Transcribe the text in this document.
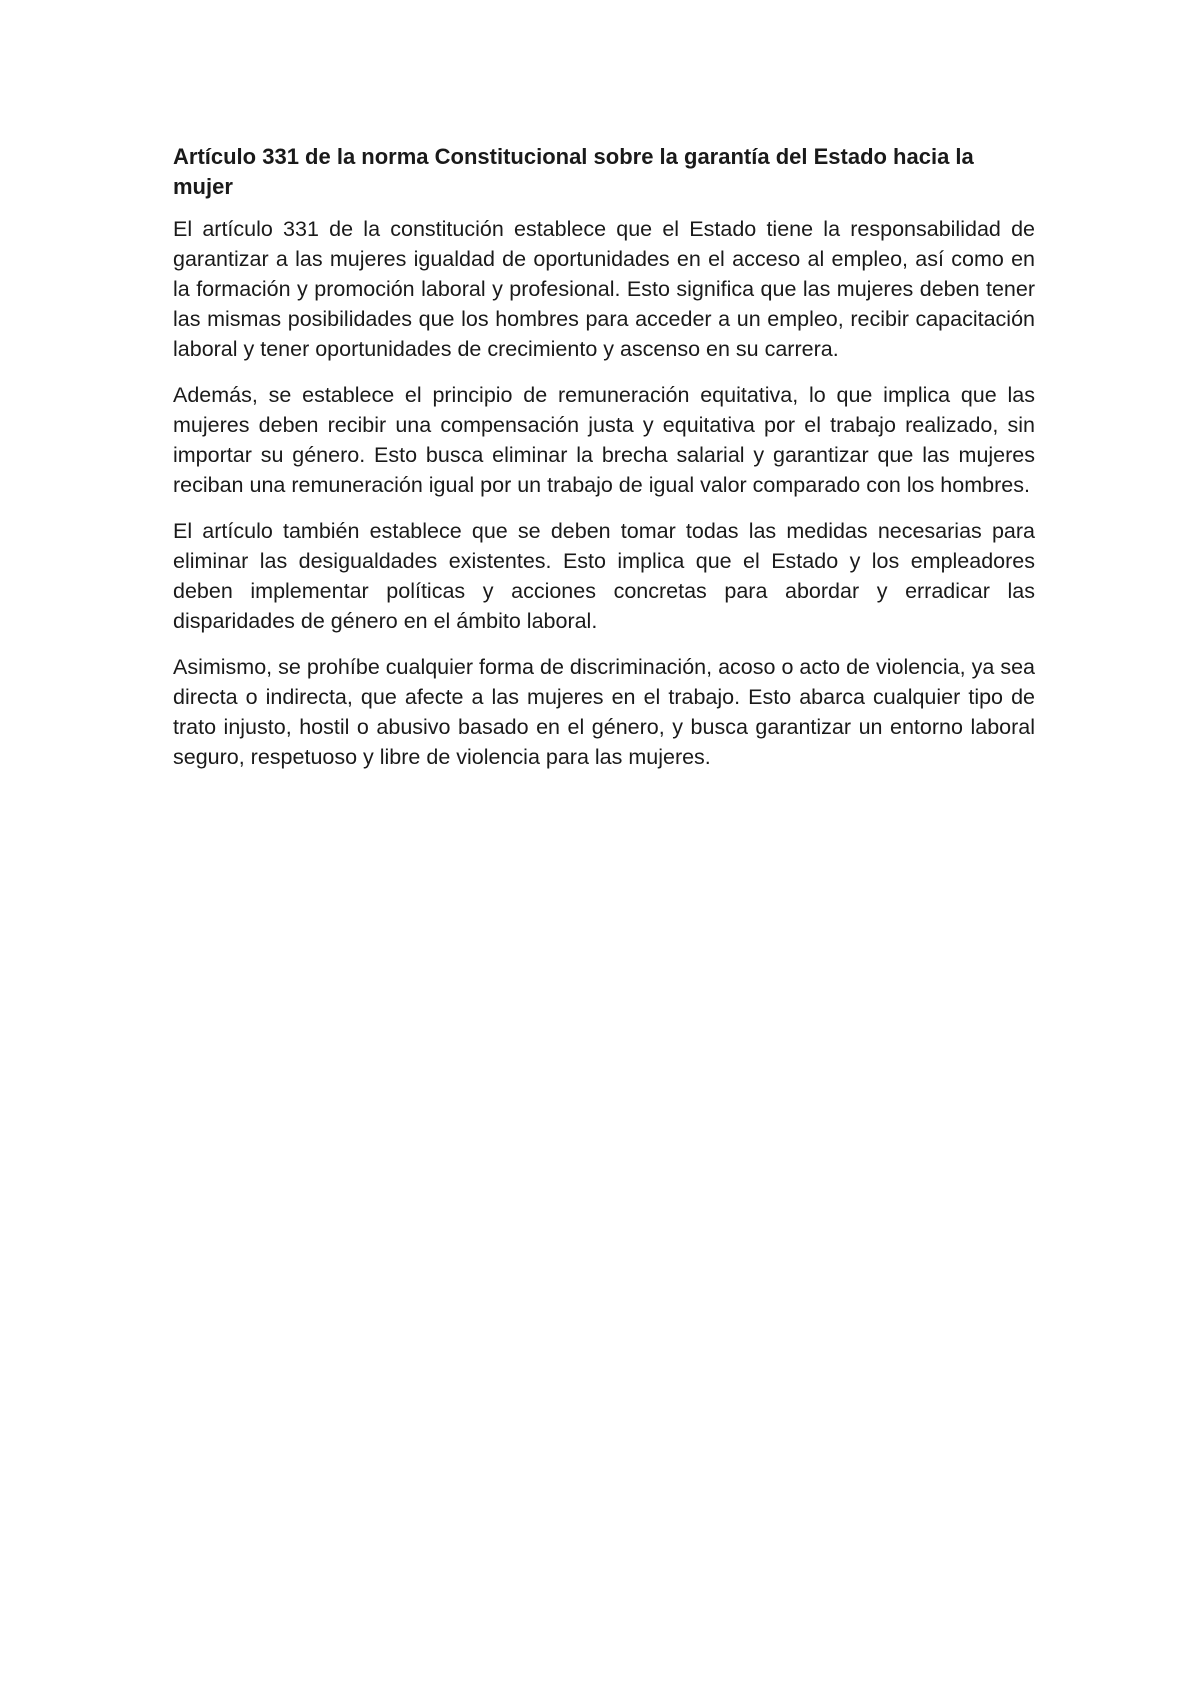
Artículo 331 de la norma Constitucional sobre la garantía del Estado hacia la mujer

El artículo 331 de la constitución establece que el Estado tiene la responsabilidad de garantizar a las mujeres igualdad de oportunidades en el acceso al empleo, así como en la formación y promoción laboral y profesional. Esto significa que las mujeres deben tener las mismas posibilidades que los hombres para acceder a un empleo, recibir capacitación laboral y tener oportunidades de crecimiento y ascenso en su carrera.

Además, se establece el principio de remuneración equitativa, lo que implica que las mujeres deben recibir una compensación justa y equitativa por el trabajo realizado, sin importar su género. Esto busca eliminar la brecha salarial y garantizar que las mujeres reciban una remuneración igual por un trabajo de igual valor comparado con los hombres.

El artículo también establece que se deben tomar todas las medidas necesarias para eliminar las desigualdades existentes. Esto implica que el Estado y los empleadores deben implementar políticas y acciones concretas para abordar y erradicar las disparidades de género en el ámbito laboral.

Asimismo, se prohíbe cualquier forma de discriminación, acoso o acto de violencia, ya sea directa o indirecta, que afecte a las mujeres en el trabajo. Esto abarca cualquier tipo de trato injusto, hostil o abusivo basado en el género, y busca garantizar un entorno laboral seguro, respetuoso y libre de violencia para las mujeres.
